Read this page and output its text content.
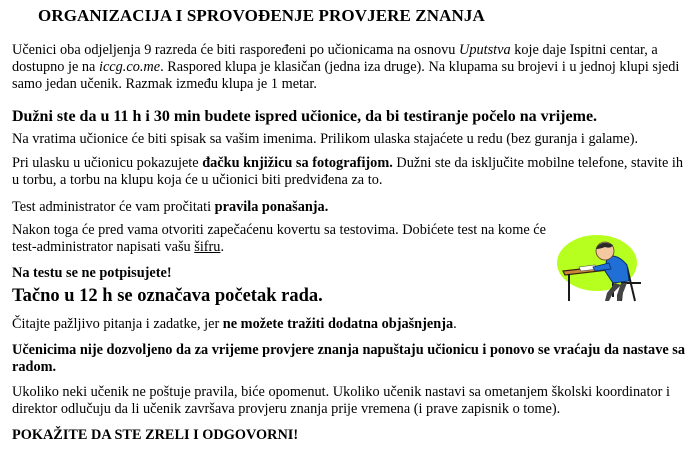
ORGANIZACIJA I SPROVOĐENJE PROVJERE ZNANJA

Učenici oba odjeljenja 9 razreda će biti raspoređeni po učionicama na osnovu Uputstva koje daje Ispitni centar, a dostupno je na iccg.co.me. Raspored klupa je klasičan (jedna iza druge). Na klupama su brojevi i u jednoj klupi sjedi samo jedan učenik. Razmak između klupa je 1 metar.

Dužni ste da u 11 h i 30 min budete ispred učionice, da bi testiranje počelo na vrijeme.

Na vratima učionice će biti spisak sa vašim imenima. Prilikom ulaska stajaćete u redu (bez guranja i galame).

Pri ulasku u učionicu pokazujete đačku knjižicu sa fotografijom. Dužni ste da isključite mobilne telefone, stavite ih u torbu, a torbu na klupu koja će u učionici biti predviđena za to.

Test administrator će vam pročitati pravila ponašanja.

Nakon toga će pred vama otvoriti zapečaćenu kovertu sa testovima. Dobićete test na kome će test-administrator napisati vašu šifru.

Na testu se ne potpisujete!

Tačno u 12 h se označava početak rada.

Čitajte pažljivo pitanja i zadatke, jer ne možete tražiti dodatna objašnjenja.

Učenicima nije dozvoljeno da za vrijeme provjere znanja napuštaju učionicu i ponovo se vraćaju da nastave sa radom.

Ukoliko neki učenik ne poštuje pravila, biće opomenut. Ukoliko učenik nastavi sa ometanjem školski koordinator i direktor odlučuju da li učenik završava provjeru znanja prije vremena (i prave zapisnik o tome).

POKAŽITE DA STE ZRELI I ODGOVORNI!
